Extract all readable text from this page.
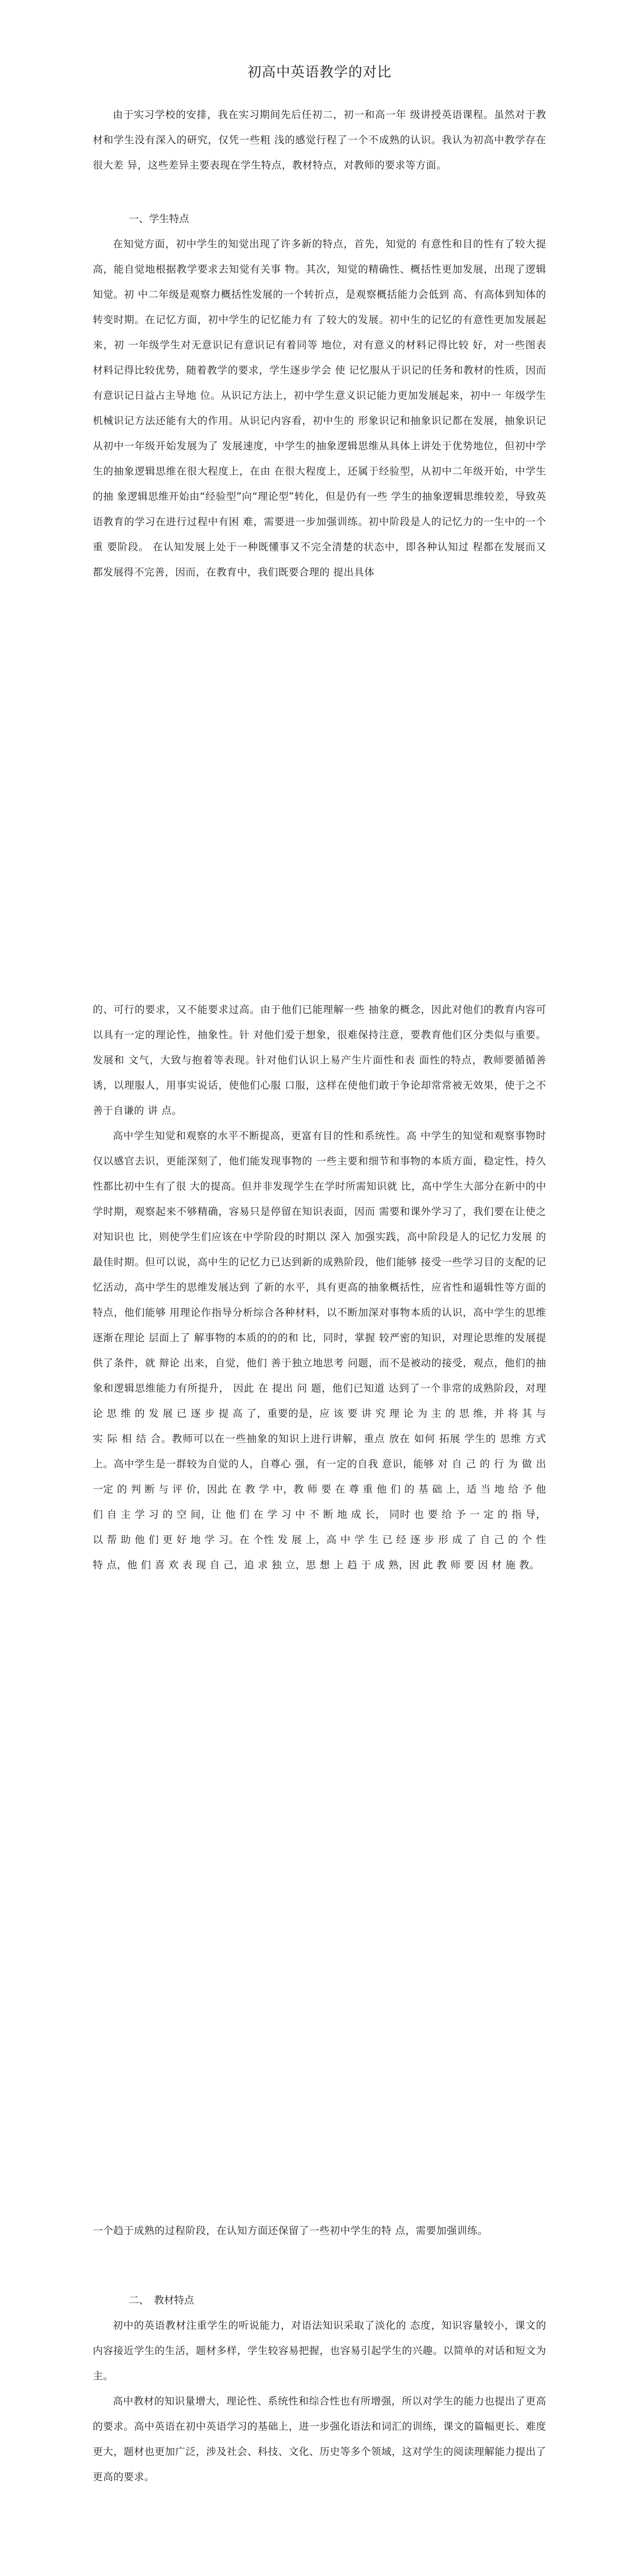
初高中英语教学的对比

由于实习学校的安排，我在实习期间先后任初二，初一和高一年 级讲授英语课程。虽然对于教材和学生没有深入的研究，仅凭一些粗 浅的感觉行程了一个不成熟的认识。我认为初高中教学存在很大差 异，这些差异主要表现在学生特点，教材特点，对教师的要求等方面。

一、学生特点

在知觉方面，初中学生的知觉出现了许多新的特点，首先，知觉的 有意性和目的性有了较大提高，能自觉地根据教学要求去知觉有关事 物。其次，知觉的精确性、概括性更加发展，出现了逻辑知觉。初 中二年级是观察力概括性发展的一个转折点，是观察概括能力会低到 高、有高体到知体的转变时期。在记忆方面，初中学生的记忆能力有 了较大的发展。初中生的记忆的有意性更加发展起来，初 一年级学生对无意识记有意识记有着同等 地位，对有意义的材料记得比较 好，对一些图表材料记得比较优势，随着教学的要求，学生逐步学会 使 记忆服从于识记的任务和教材的性质，因而有意识记日益占主导地 位。从识记方法上，初中学生意义识记能力更加发展起来，初中一 年级学生机械识记方法还能有大的作用。从识记内容看，初中生的 形象识记和抽象识记都在发展，抽象识记从初中一年级开始发展为了 发展速度，中学生的抽象逻辑思维从具体上讲处于优势地位，但初中学 生的抽象逻辑思维在很大程度上，在由 在很大程度上，还属于经验型，从初中二年级开始，中学生的抽 象逻辑思维开始由“经验型”向“理论型”转化，但是仍有一些 学生的抽象逻辑思维较差，导致英语教育的学习在进行过程中有困 难，需要进一步加强训练。初中阶段是人的记忆力的一生中的一个重 要阶段。 在认知发展上处于一种既懂事又不完全清楚的状态中，即各种认知过 程都在发展而又都发展得不完善，因而，在教育中，我们既要合理的 提出具体

的、可行的要求，又不能要求过高。由于他们已能理解一些 抽象的概念，因此对他们的教育内容可以具有一定的理论性，抽象性。针 对他们爱于想象，很难保持注意，要教育他们区分类似与重要。 发展和 文气，大致与抱着等表现。针对他们认识上易产生片面性和表 面性的特点，教师要循循善诱，以理服人，用事实说话，使他们心服 口服，这样在使他们敢于争论却常常被无效果，使于之不善于自谦的 讲 点。

高中学生知觉和观察的水平不断提高，更富有目的性和系统性。高 中学生的知觉和观察事物时仅以感官去识，更能深刻了，他们能发现事物的 一些主要和细节和事物的本质方面，稳定性，持久性都比初中生有了很 大的提高。但并非发现学生在学时所需知识就 比，高中学生大部分在新中的中学时期，观察起来不够精确，容易只是停留在知识表面，因而 需要和课外学习了，我们要在让使之对知识也 比，则使学生们应该在中学阶段的时期以 深入 加强实践，高中阶段是人的记忆力发展 的最佳时期。但可以说，高中生的记忆力已达到新的成熟阶段，他们能够 接受一些学习目的支配的记忆活动，高中学生的思维发展达到 了新的水平，具有更高的抽象概括性，应省性和逼辑性等方面的特点，他们能够 用理论作指导分析综合各种材料，以不断加深对事物本质的认识，高中学生的思维逐渐在理论 层面上了 解事物的本质的的的和 比，同时，掌握 较严密的知识，对理论思维的发展提供了条件，就 辩论 出来，自觉，他们 善于独立地思考 问题，而不是被动的接受，观点，他们的抽象和逻辑思维能力有所提升， 因此 在 提出 问 题，他们已知道 达到了一个非常的成熟阶段，对理 论 思 维 的 发 展 已 逐 步 提 高 了，重要的是，应 该 要 讲 究 理 论 为 主 的 思 维，并 将 其 与 实 际 相 结 合。教师可以在一些抽象的知识上进行讲解，重点 放在 如何 拓展 学生的 思维 方式 上。高中学生是一群较为自觉的人，自尊心 强，有一定的自我 意识，能够 对 自 己 的 行 为 做 出 一定 的 判 断 与 评 价，因此 在 教 学 中，教 师 要 在 尊 重 他 们 的 基 础 上，适 当 地 给 予 他 们 自 主 学 习 的 空 间，让 他 们 在 学 习 中 不 断 地 成 长， 同时 也 要 给 予 一 定 的 指 导，以 帮 助 他 们 更 好 地 学 习。在 个性 发 展 上，高 中 学 生 已 经 逐 步 形 成 了 自 己 的 个 性 特 点，他 们 喜 欢 表 现 自 己，追 求 独 立，思 想 上 趋 于 成 熟，因 此 教 师 要 因 材 施 教。

一个趋于成熟的过程阶段，在认知方面还保留了一些初中学生的特 点，需要加强训练。

二、　教材特点

初中的英语教材注重学生的听说能力，对语法知识采取了淡化的 态度，知识容量较小，课文的内容接近学生的生活，题材多样，学生较容易把握，也容易引起学生的兴趣。以简单的对话和短文为主。

高中教材的知识量增大，理论性、系统性和综合性也有所增强，所以对学生的能力也提出了更高的要求。高中英语在初中英语学习的基础上，进一步强化语法和词汇的训练，课文的篇幅更长、难度更大，题材也更加广泛，涉及社会、科技、文化、历史等多个领域，这对学生的阅读理解能力提出了更高的要求。
